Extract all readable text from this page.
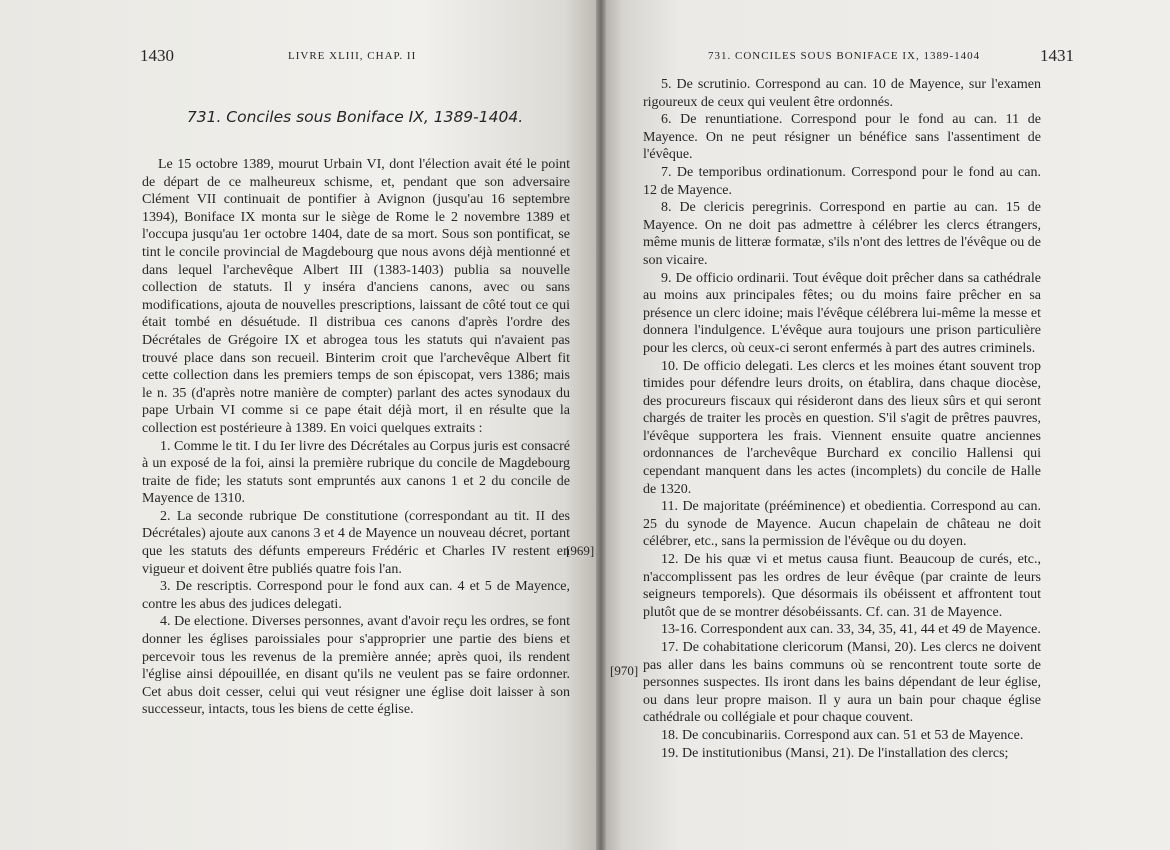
1430	LIVRE XLIII, CHAP. II
731. Conciles sous Boniface IX, 1389-1404.

Le 15 octobre 1389, mourut Urbain VI, dont l'élection avait été le point de départ de ce malheureux schisme, et, pendant que son adversaire Clément VII continuait de pontifier à Avignon (jusqu'au 16 septembre 1394), Boniface IX monta sur le siège de Rome le 2 novembre 1389 et l'occupa jusqu'au 1er octobre 1404, date de sa mort. Sous son pontificat, se tint le concile provincial de Magdebourg que nous avons déjà mentionné et dans lequel l'archevêque Albert III (1383-1403) publia sa nouvelle collection de statuts. Il y inséra d'anciens canons, avec ou sans modifications, ajouta de nouvelles prescriptions, laissant de côté tout ce qui était tombé en désuétude. Il distribua ces canons d'après l'ordre des Décrétales de Grégoire IX et abrogea tous les statuts qui n'avaient pas trouvé place dans son recueil. Binterim croit que l'archevêque Albert fit cette collection dans les premiers temps de son épiscopat, vers 1386; mais le n. 35 (d'après notre manière de compter) parlant des actes synodaux du pape Urbain VI comme si ce pape était déjà mort, il en résulte que la collection est postérieure à 1389. En voici quelques extraits :

1. Comme le tit. I du Ier livre des Décrétales au Corpus juris est consacré à un exposé de la foi, ainsi la première rubrique du concile de Magdebourg traite de fide; les statuts sont empruntés aux canons 1 et 2 du concile de Mayence de 1310.

2. La seconde rubrique De constitutione (correspondant au tit. II des Décrétales) ajoute aux canons 3 et 4 de Mayence un nouveau décret, portant que les statuts des défunts empereurs Frédéric et Charles IV restent en vigueur et doivent être publiés quatre fois l'an.

3. De rescriptis. Correspond pour le fond aux can. 4 et 5 de Mayence, contre les abus des judices delegati.

4. De electione. Diverses personnes, avant d'avoir reçu les ordres, se font donner les églises paroissiales pour s'approprier une partie des biens et percevoir tous les revenus de la première année; après quoi, ils rendent l'église ainsi dépouillée, en disant qu'ils ne veulent pas se faire ordonner. Cet abus doit cesser, celui qui veut résigner une église doit laisser à son successeur, intacts, tous les biens de cette église.

[969]
731. CONCILES SOUS BONIFACE IX, 1389-1404	1431

5. De scrutinio. Correspond au can. 10 de Mayence, sur l'examen rigoureux de ceux qui veulent être ordonnés.

6. De renuntiatione. Correspond pour le fond au can. 11 de Mayence. On ne peut résigner un bénéfice sans l'assentiment de l'évêque.

7. De temporibus ordinationum. Correspond pour le fond au can. 12 de Mayence.

8. De clericis peregrinis. Correspond en partie au can. 15 de Mayence. On ne doit pas admettre à célébrer les clercs étrangers, même munis de litteræ formatæ, s'ils n'ont des lettres de l'évêque ou de son vicaire.

9. De officio ordinarii. Tout évêque doit prêcher dans sa cathédrale au moins aux principales fêtes; ou du moins faire prêcher en sa présence un clerc idoine; mais l'évêque célébrera lui-même la messe et donnera l'indulgence. L'évêque aura toujours une prison particulière pour les clercs, où ceux-ci seront enfermés à part des autres criminels.

10. De officio delegati. Les clercs et les moines étant souvent trop timides pour défendre leurs droits, on établira, dans chaque diocèse, des procureurs fiscaux qui résideront dans des lieux sûrs et qui seront chargés de traiter les procès en question. S'il s'agit de prêtres pauvres, l'évêque supportera les frais. Viennent ensuite quatre anciennes ordonnances de l'archevêque Burchard ex concilio Hallensi qui cependant manquent dans les actes (incomplets) du concile de Halle de 1320.

11. De majoritate (prééminence) et obedientia. Correspond au can. 25 du synode de Mayence. Aucun chapelain de château ne doit célébrer, etc., sans la permission de l'évêque ou du doyen.

12. De his quæ vi et metus causa fiunt. Beaucoup de curés, etc., n'accomplissent pas les ordres de leur évêque (par crainte de leurs seigneurs temporels). Que désormais ils obéissent et affrontent tout plutôt que de se montrer désobéissants. Cf. can. 31 de Mayence.

13-16. Correspondent aux can. 33, 34, 35, 41, 44 et 49 de Mayence.

17. De cohabitatione clericorum (Mansi, 20). Les clercs ne doivent pas aller dans les bains communs où se rencontrent toute sorte de personnes suspectes. Ils iront dans les bains dépendant de leur église, ou dans leur propre maison. Il y aura un bain pour chaque église cathédrale ou collégiale et pour chaque couvent.

18. De concubinariis. Correspond aux can. 51 et 53 de Mayence.

19. De institutionibus (Mansi, 21). De l'installation des clercs;

[970]
